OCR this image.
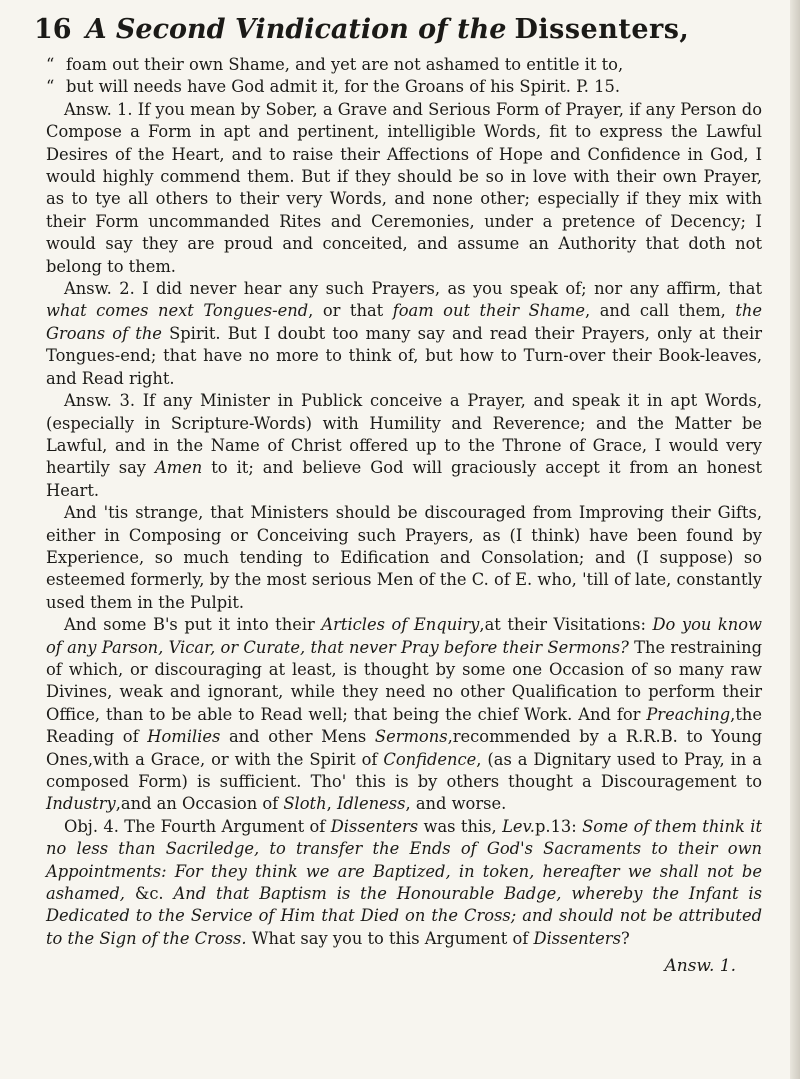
16 A Second Vindication of the Dissenters,

“ foam out their own Shame, and yet are not ashamed to entitle it to,

“ but will needs have God admit it, for the Groans of his Spirit. P. 15.

Answ. 1. If you mean by Sober, a Grave and Serious Form of Prayer, if any Person do Compose a Form in apt and pertinent, intelligible Words, fit to express the Lawful Desires of the Heart, and to raise their Affections of Hope and Confidence in God, I would highly commend them. But if they should be so in love with their own Prayer, as to tye all others to their very Words, and none other; especially if they mix with their Form uncommanded Rites and Ceremonies, under a pretence of Decency; I would say they are proud and conceited, and assume an Authority that doth not belong to them.

Answ. 2. I did never hear any such Prayers, as you speak of; nor any affirm, that what comes next Tongues-end, or that foam out their Shame, and call them, the Groans of the Spirit. But I doubt too many say and read their Prayers, only at their Tongues-end; that have no more to think of, but how to Turn-over their Book-leaves, and Read right.

Answ. 3. If any Minister in Publick conceive a Prayer, and speak it in apt Words, (especially in Scripture-Words) with Humility and Reverence; and the Matter be Lawful, and in the Name of Christ offered up to the Throne of Grace, I would very heartily say Amen to it; and believe God will graciously accept it from an honest Heart.

And 'tis strange, that Ministers should be discouraged from Improving their Gifts, either in Composing or Conceiving such Prayers, as (I think) have been found by Experience, so much tending to Edification and Consolation; and (I suppose) so esteemed formerly, by the most serious Men of the C. of E. who, 'till of late, constantly used them in the Pulpit.

And some B's put it into their Articles of Enquiry,at their Visitations: Do you know of any Parson, Vicar, or Curate, that never Pray before their Sermons? The restraining of which, or discouraging at least, is thought by some one Occasion of so many raw Divines, weak and ignorant, while they need no other Qualification to perform their Office, than to be able to Read well; that being the chief Work. And for Preaching,the Reading of Homilies and other Mens Sermons,recommended by a R.R.B. to Young Ones,with a Grace, or with the Spirit of Confidence, (as a Dignitary used to Pray, in a composed Form) is sufficient. Tho' this is by others thought a Discouragement to Industry,and an Occasion of Sloth, Idleness, and worse.

Obj. 4. The Fourth Argument of Dissenters was this, Lev.p.13: Some of them think it no less than Sacriledge, to transfer the Ends of God's Sacraments to their own Appointments: For they think we are Baptized, in token, hereafter we shall not be ashamed, &c. And that Baptism is the Honourable Badge, whereby the Infant is Dedicated to the Service of Him that Died on the Cross; and should not be attributed to the Sign of the Cross. What say you to this Argument of Dissenters?

Answ. 1.
